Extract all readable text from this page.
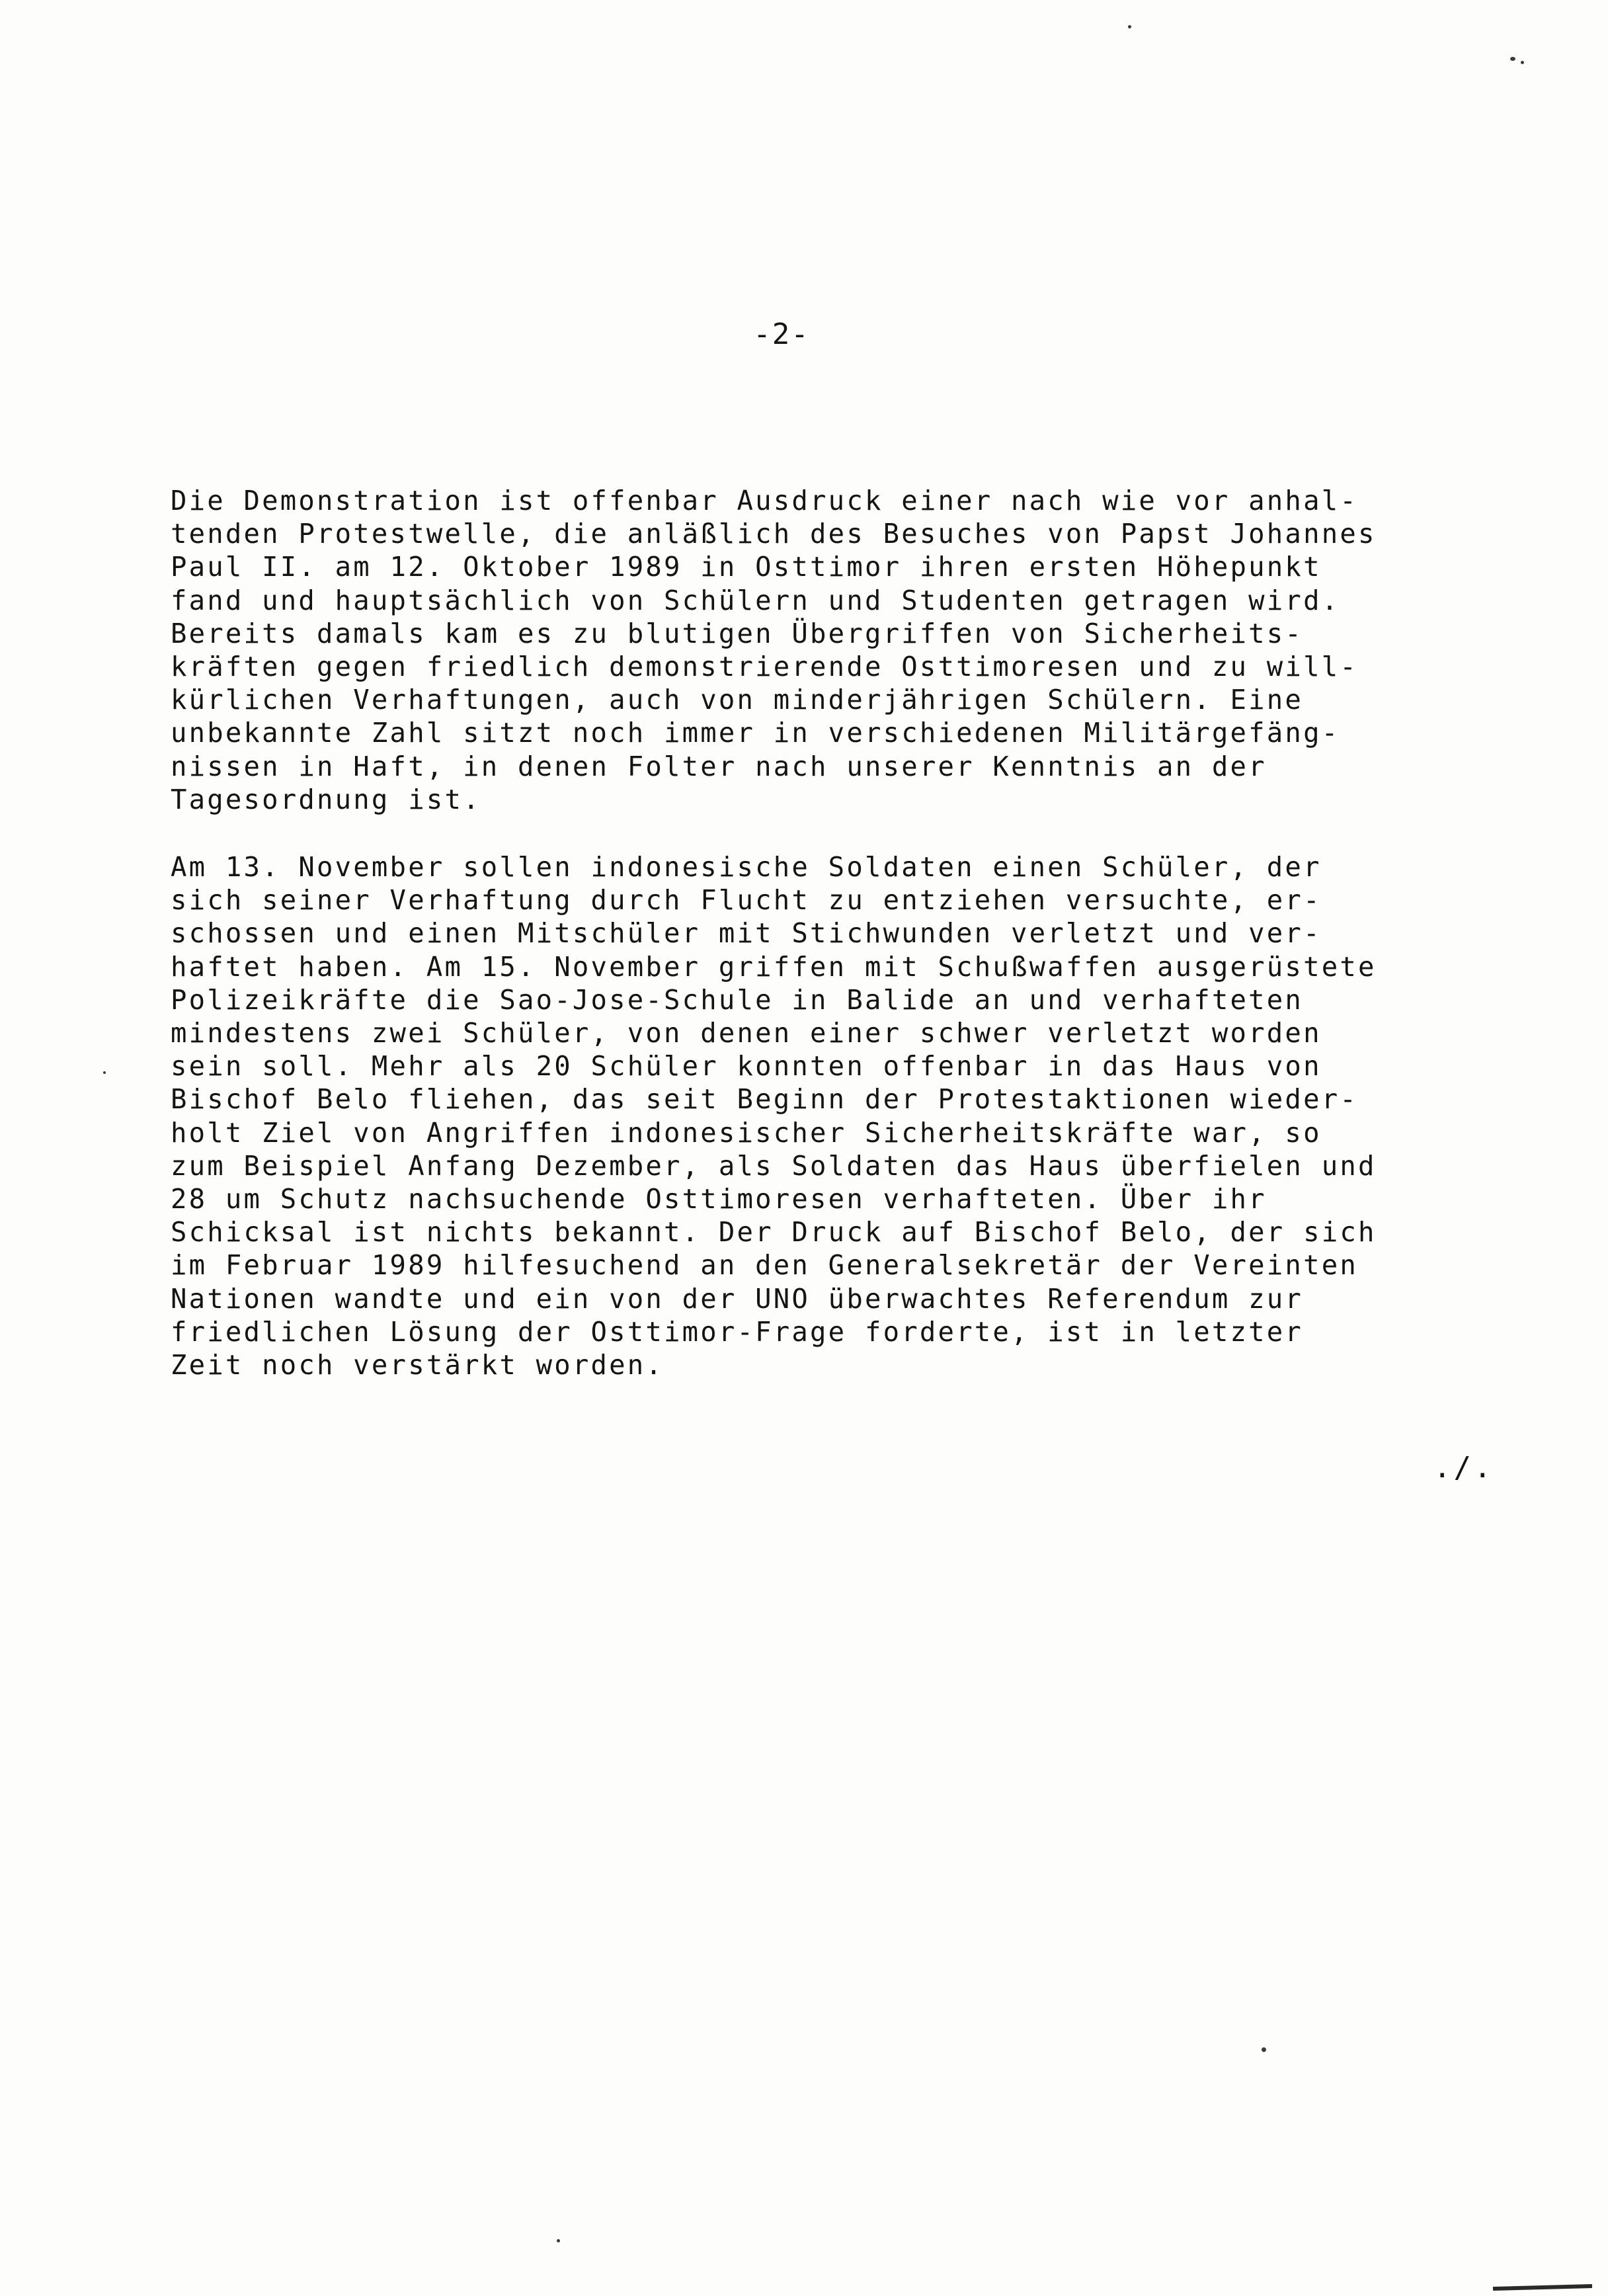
-2-

Die Demonstration ist offenbar Ausdruck einer nach wie vor anhal-
tenden Protestwelle, die anläßlich des Besuches von Papst Johannes
Paul II. am 12. Oktober 1989 in Osttimor ihren ersten Höhepunkt
fand und hauptsächlich von Schülern und Studenten getragen wird.
Bereits damals kam es zu blutigen Übergriffen von Sicherheits-
kräften gegen friedlich demonstrierende Osttimoresen und zu will-
kürlichen Verhaftungen, auch von minderjährigen Schülern. Eine
unbekannte Zahl sitzt noch immer in verschiedenen Militärgefäng-
nissen in Haft, in denen Folter nach unserer Kenntnis an der
Tagesordnung ist.

Am 13. November sollen indonesische Soldaten einen Schüler, der
sich seiner Verhaftung durch Flucht zu entziehen versuchte, er-
schossen und einen Mitschüler mit Stichwunden verletzt und ver-
haftet haben. Am 15. November griffen mit Schußwaffen ausgerüstete
Polizeikräfte die Sao-Jose-Schule in Balide an und verhafteten
mindestens zwei Schüler, von denen einer schwer verletzt worden
sein soll. Mehr als 20 Schüler konnten offenbar in das Haus von
Bischof Belo fliehen, das seit Beginn der Protestaktionen wieder-
holt Ziel von Angriffen indonesischer Sicherheitskräfte war, so
zum Beispiel Anfang Dezember, als Soldaten das Haus überfielen und
28 um Schutz nachsuchende Osttimoresen verhafteten. Über ihr
Schicksal ist nichts bekannt. Der Druck auf Bischof Belo, der sich
im Februar 1989 hilfesuchend an den Generalsekretär der Vereinten
Nationen wandte und ein von der UNO überwachtes Referendum zur
friedlichen Lösung der Osttimor-Frage forderte, ist in letzter
Zeit noch verstärkt worden.

./.
